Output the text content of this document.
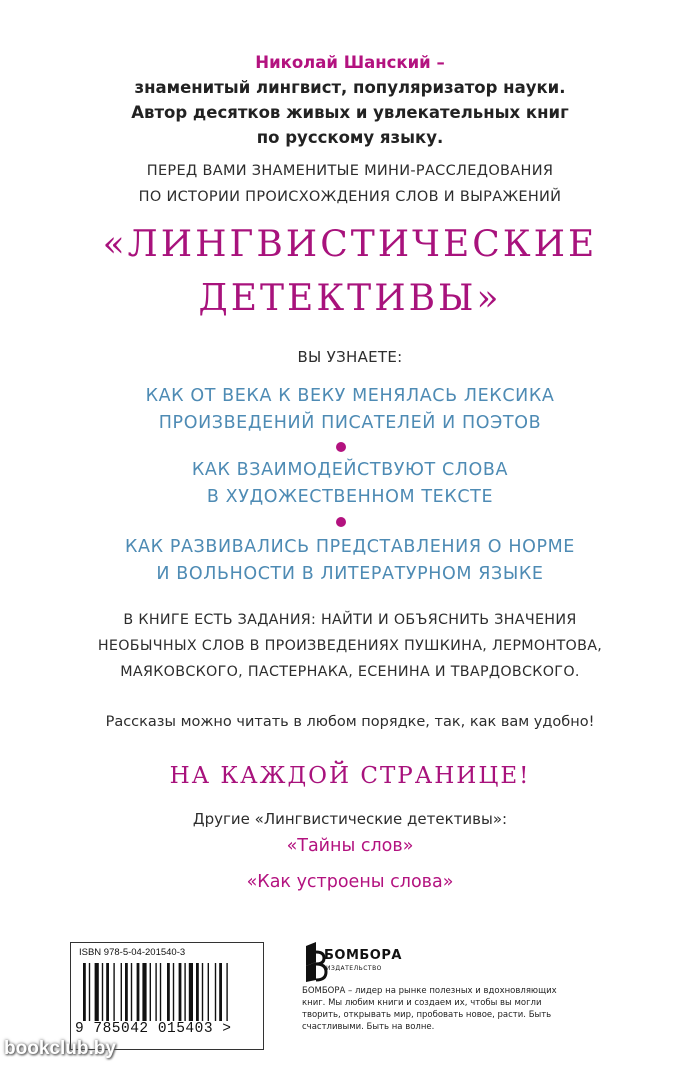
Николай Шанский –
знаменитый лингвист, популяризатор науки.
Автор десятков живых и увлекательных книг
по русскому языку.
ПЕРЕД ВАМИ ЗНАМЕНИТЫЕ МИНИ-РАССЛЕДОВАНИЯ
ПО ИСТОРИИ ПРОИСХОЖДЕНИЯ СЛОВ И ВЫРАЖЕНИЙ
«ЛИНГВИСТИЧЕСКИЕ
ДЕТЕКТИВЫ»
ВЫ УЗНАЕТЕ:
КАК ОТ ВЕКА К ВЕКУ МЕНЯЛАСЬ ЛЕКСИКА
ПРОИЗВЕДЕНИЙ ПИСАТЕЛЕЙ И ПОЭТОВ
КАК ВЗАИМОДЕЙСТВУЮТ СЛОВА
В ХУДОЖЕСТВЕННОМ ТЕКСТЕ
КАК РАЗВИВАЛИСЬ ПРЕДСТАВЛЕНИЯ О НОРМЕ
И ВОЛЬНОСТИ В ЛИТЕРАТУРНОМ ЯЗЫКЕ
В КНИГЕ ЕСТЬ ЗАДАНИЯ: НАЙТИ И ОБЪЯСНИТЬ ЗНАЧЕНИЯ
НЕОБЫЧНЫХ СЛОВ В ПРОИЗВЕДЕНИЯХ ПУШКИНА, ЛЕРМОНТОВА,
МАЯКОВСКОГО, ПАСТЕРНАКА, ЕСЕНИНА И ТВАРДОВСКОГО.
Рассказы можно читать в любом порядке, так, как вам удобно!
НА КАЖДОЙ СТРАНИЦЕ!
Другие «Лингвистические детективы»:
«Тайны слов»
«Как устроены слова»
ISBN 978-5-04-201540-3
9 785042 015403 >
БОМБОРА
ИЗДАТЕЛЬСТВО
БОМБОРА – лидер на рынке полезных и вдохновляющих книг. Мы любим книги и создаем их, чтобы вы могли творить, открывать мир, пробовать новое, расти. Быть счастливыми. Быть на волне.
bookclub.by
